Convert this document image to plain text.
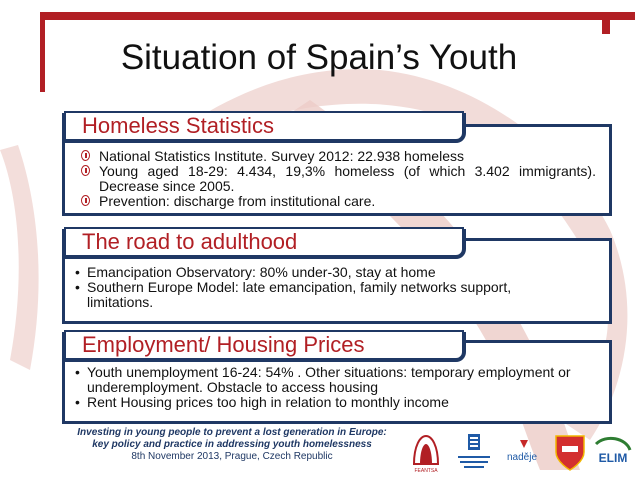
Situation of Spain’s Youth
National Statistics Institute. Survey 2012: 22.938 homeless
Young aged 18-29: 4.434, 19,3% homeless (of which 3.402 immigrants). Decrease since 2005.
Prevention: discharge from institutional care.
Homeless Statistics
• Emancipation Observatory: 80% under-30, stay at home
• Southern Europe Model: late emancipation, family networks support, limitations.
The road to adulthood
• Youth unemployment 16-24: 54% . Other situations: temporary employment or underemployment. Obstacle to access housing
• Rent Housing prices too high in relation to monthly income
Employment/ Housing Prices
Investing in young people to prevent a lost generation in Europe:
key policy and practice in addressing youth homelessness
8th November 2013, Prague, Czech Republic
FEANTSA
naděje	ELIM
